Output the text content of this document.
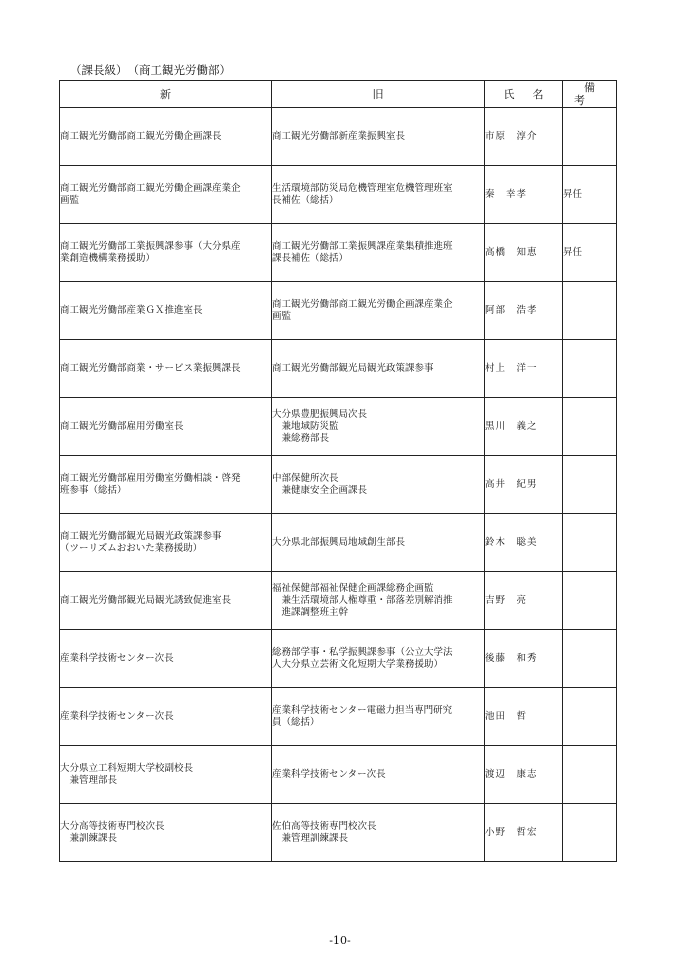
（課長級）　（商工観光労働部）
新	旧	氏名	備考

商工観光労働部商工観光労働企画課長	商工観光労働部新産業振興室長	市原　淳介	

商工観光労働部商工観光労働企画課産業企
画監	生活環境部防災局危機管理室危機管理班室
長補佐（総括）	秦　幸孝	昇任

商工観光労働部工業振興課参事（大分県産
業創造機構業務援助）	商工観光労働部工業振興課産業集積推進班
課長補佐（総括）	高橋　知恵	昇任

商工観光労働部産業ＧＸ推進室長	商工観光労働部商工観光労働企画課産業企
画監	阿部　浩孝	

商工観光労働部商業・サービス業振興課長	商工観光労働部観光局観光政策課参事	村上　洋一	

商工観光労働部雇用労働室長	大分県豊肥振興局次長
　兼地域防災監
　兼総務部長	黒川　義之	

商工観光労働部雇用労働室労働相談・啓発
班参事（総括）	中部保健所次長
　兼健康安全企画課長	高井　紀男	

商工観光労働部観光局観光政策課参事
（ツーリズムおおいた業務援助）	大分県北部振興局地域創生部長	鈴木　聡美	

商工観光労働部観光局観光誘致促進室長	福祉保健部福祉保健企画課総務企画監
　兼生活環境部人権尊重・部落差別解消推
　進課調整班主幹	吉野　亮	

産業科学技術センター次長	総務部学事・私学振興課参事（公立大学法
人大分県立芸術文化短期大学業務援助）	後藤　和秀	

産業科学技術センター次長	産業科学技術センター電磁力担当専門研究
員（総括）	池田　哲	

大分県立工科短期大学校副校長
　兼管理部長	産業科学技術センター次長	渡辺　康志	

大分高等技術専門校次長
　兼訓練課長	佐伯高等技術専門校次長
　兼管理訓練課長	小野　哲宏	
-10-
